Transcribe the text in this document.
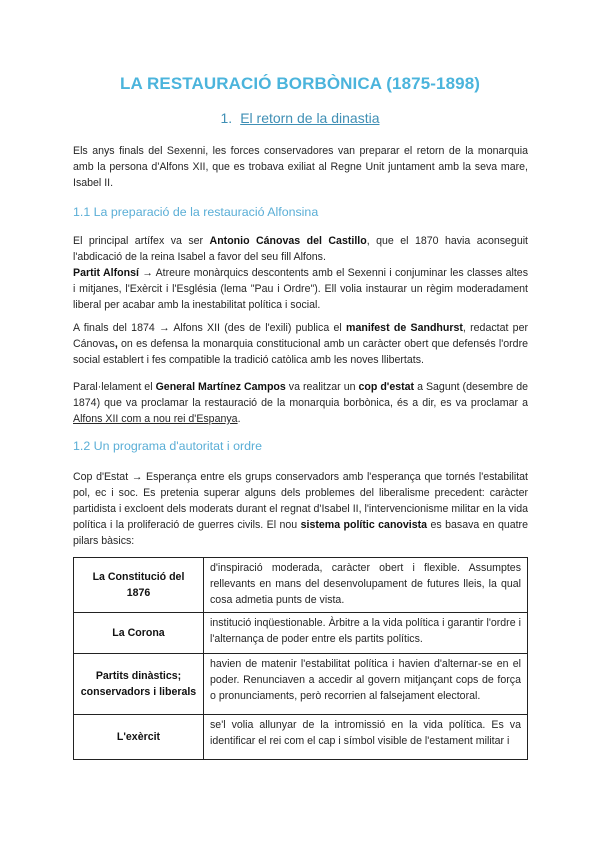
LA RESTAURACIÓ BORBÒNICA (1875-1898)
1. El retorn de la dinastia
Els anys finals del Sexenni, les forces conservadores van preparar el retorn de la monarquia amb la persona d'Alfons XII, que es trobava exiliat al Regne Unit juntament amb la seva mare, Isabel II.
1.1 La preparació de la restauració Alfonsina
El principal artífex va ser Antonio Cánovas del Castillo, que el 1870 havia aconseguit l'abdicació de la reina Isabel a favor del seu fill Alfons.
Partit Alfonsí → Atreure monàrquics descontents amb el Sexenni i conjuminar les classes altes i mitjanes, l'Exèrcit i l'Església (lema "Pau i Ordre"). Ell volia instaurar un règim moderadament liberal per acabar amb la inestabilitat política i social.
A finals del 1874 → Alfons XII (des de l'exili) publica el manifest de Sandhurst, redactat per Cánovas, on es defensa la monarquia constitucional amb un caràcter obert que defensés l'ordre social establert i fes compatible la tradició catòlica amb les noves llibertats.
Paral·lelament el General Martínez Campos va realitzar un cop d'estat a Sagunt (desembre de 1874) que va proclamar la restauració de la monarquia borbònica, és a dir, es va proclamar a Alfons XII com a nou rei d'Espanya.
1.2 Un programa d'autoritat i ordre
Cop d'Estat → Esperança entre els grups conservadors amb l'esperança que tornés l'estabilitat pol, ec i soc. Es pretenia superar alguns dels problemes del liberalisme precedent: caràcter partidista i excloent dels moderats durant el regnat d'Isabel II, l'intervencionisme militar en la vida política i la proliferació de guerres civils. El nou sistema polític canovista es basava en quatre pilars bàsics:
La Constitució del 1876	d'inspiració moderada, caràcter obert i flexible. Assumptes rellevants en mans del desenvolupament de futures lleis, la qual cosa admetia punts de vista.
La Corona	institució inqüestionable. Àrbitre a la vida política i garantir l'ordre i l'alternança de poder entre els partits polítics.
Partits dinàstics; conservadors i liberals	havien de matenir l'estabilitat política i havien d'alternar-se en el poder. Renunciaven a accedir al govern mitjançant cops de força o pronunciaments, però recorrien al falsejament electoral.
L'exèrcit	se'l volia allunyar de la intromissió en la vida política. Es va identificar el rei com el cap i símbol visible de l'estament militar i
